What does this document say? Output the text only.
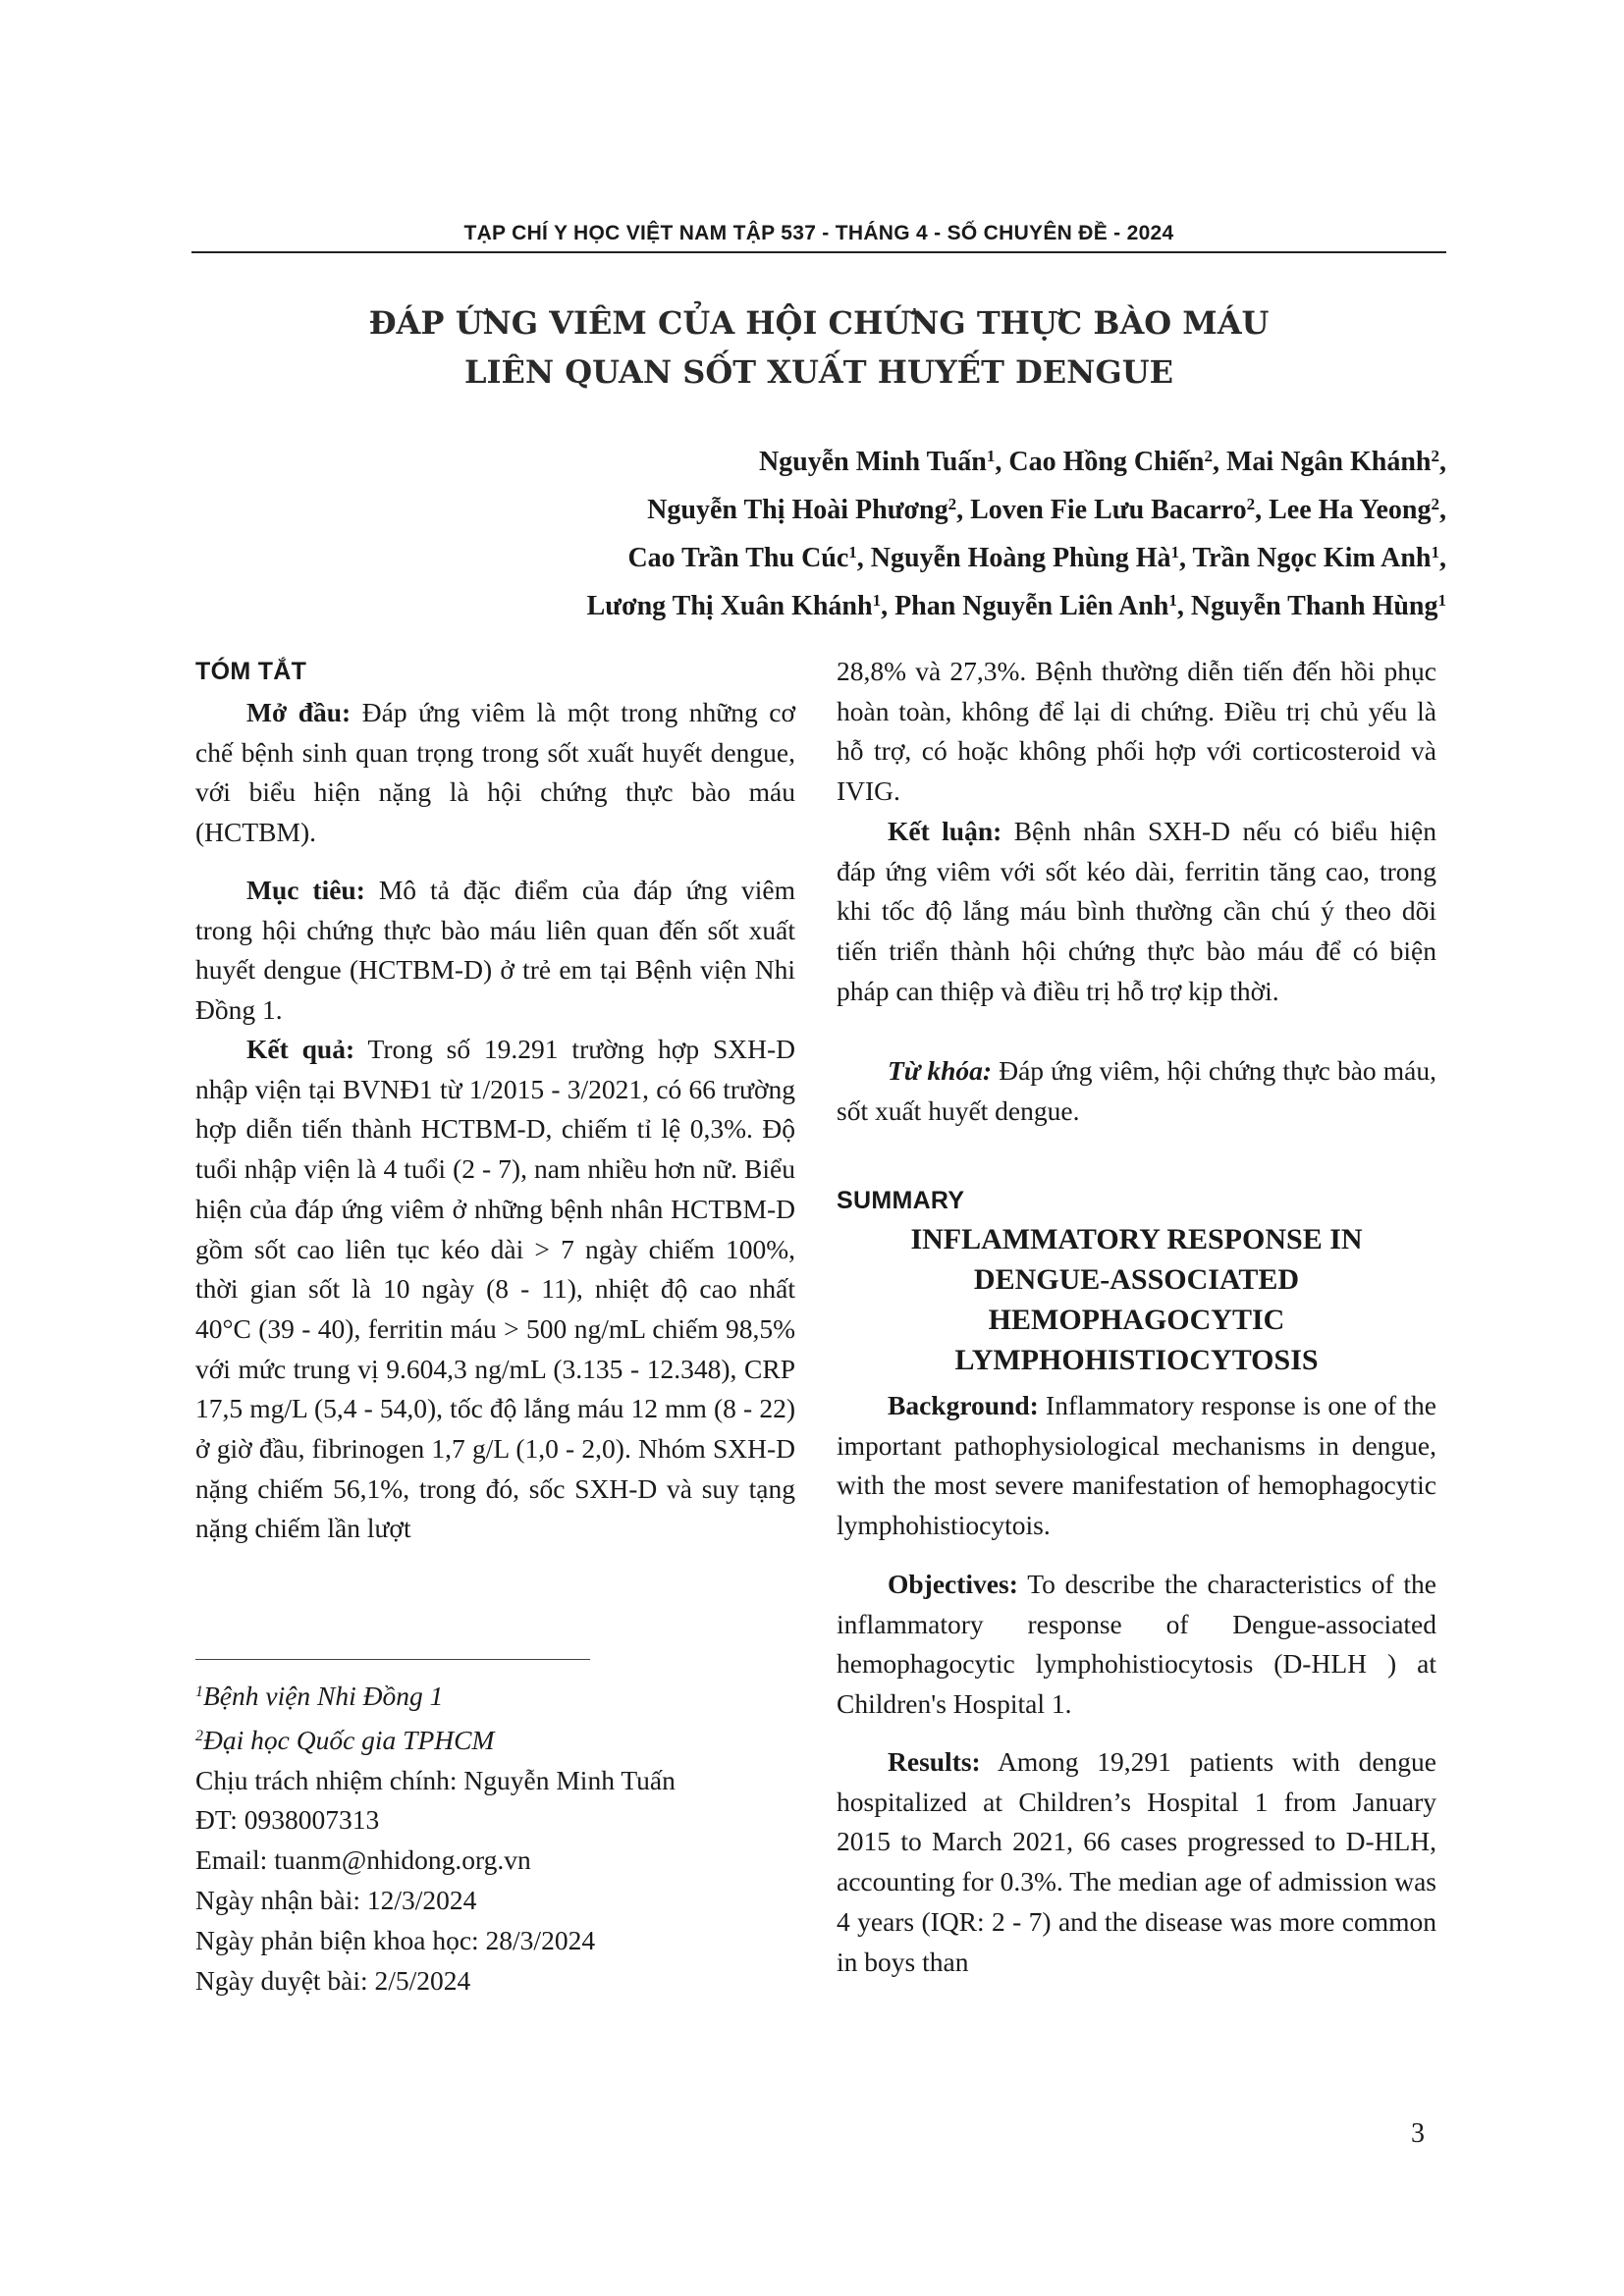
TẠP CHÍ Y HỌC VIỆT NAM TẬP 537 - THÁNG 4 - SỐ CHUYÊN ĐỀ - 2024
ĐÁP ỨNG VIÊM CỦA HỘI CHỨNG THỰC BÀO MÁU
LIÊN QUAN SỐT XUẤT HUYẾT DENGUE
Nguyễn Minh Tuấn$^1$, Cao Hồng Chiến$^2$, Mai Ngân Khánh$^2$,
Nguyễn Thị Hoài Phương$^2$, Loven Fie Lưu Bacarro$^2$, Lee Ha Yeong$^2$,
Cao Trần Thu Cúc$^1$, Nguyễn Hoàng Phùng $Hà^1$, Trần Ngọc Kim Anh$^1$,
Lương Thị Xuân Khánh$^1$, Phan Nguyễn Liên Anh$^1$, Nguyễn Thanh Hùng$^1$
TÓM TẮT

Mở đầu: Đáp ứng viêm là một trong những cơ chế bệnh sinh quan trọng trong sốt xuất huyết dengue, với biểu hiện nặng là hội chứng thực bào máu (HCTBM).

Mục tiêu: Mô tả đặc điểm của đáp ứng viêm trong hội chứng thực bào máu liên quan đến sốt xuất huyết dengue (HCTBM-D) ở trẻ em tại Bệnh viện Nhi Đồng 1.

Kết quả: Trong số 19.291 trường hợp SXH-D nhập viện tại BVNĐ1 từ 1/2015 - 3/2021, có 66 trường hợp diễn tiến thành HCTBM-D, chiếm tỉ lệ 0,3%. Độ tuổi nhập viện là 4 tuổi (2 - 7), nam nhiều hơn nữ. Biểu hiện của đáp ứng viêm ở những bệnh nhân HCTBM-D gồm sốt cao liên tục kéo dài > 7 ngày chiếm 100%, thời gian sốt là 10 ngày (8 - 11), nhiệt độ cao nhất 40°C (39 - 40), ferritin máu > 500 ng/mL chiếm 98,5% với mức trung vị 9.604,3 ng/mL (3.135 - 12.348), CRP 17,5 mg/L (5,4 - 54,0), tốc độ lắng máu 12 mm (8 - 22) ở giờ đầu, fibrinogen 1,7 g/L (1,0 - 2,0). Nhóm SXH-D nặng chiếm 56,1%, trong đó, sốc SXH-D và suy tạng nặng chiếm lần lượt

$^1$Bệnh viện Nhi Đồng 1
$^2$Đại học Quốc gia TPHCM
Chịu trách nhiệm chính: Nguyễn Minh Tuấn
ĐT: 0938007313
Email: tuanm@nhidong.org.vn
Ngày nhận bài: 12/3/2024
Ngày phản biện khoa học: 28/3/2024
Ngày duyệt bài: 2/5/2024

28,8% và 27,3%. Bệnh thường diễn tiến đến hồi phục hoàn toàn, không để lại di chứng. Điều trị chủ yếu là hỗ trợ, có hoặc không phối hợp với corticosteroid và IVIG.

Kết luận: Bệnh nhân SXH-D nếu có biểu hiện đáp ứng viêm với sốt kéo dài, ferritin tăng cao, trong khi tốc độ lắng máu bình thường cần chú ý theo dõi tiến triển thành hội chứng thực bào máu để có biện pháp can thiệp và điều trị hỗ trợ kịp thời.

Từ khóa: Đáp ứng viêm, hội chứng thực bào máu, sốt xuất huyết dengue.

SUMMARY
INFLAMMATORY RESPONSE IN
DENGUE-ASSOCIATED
HEMOPHAGOCYTIC
LYMPHOHISTIOCYTOSIS

Background: Inflammatory response is one of the important pathophysiological mechanisms in dengue, with the most severe manifestation of hemophagocytic lymphohistiocytois.

Objectives: To describe the characteristics of the inflammatory response of Dengue-associated hemophagocytic lymphohistiocytosis (D-HLH ) at Children's Hospital 1.

Results: Among 19,291 patients with dengue hospitalized at Children’s Hospital 1 from January 2015 to March 2021, 66 cases progressed to D-HLH, accounting for 0.3%. The median age of admission was 4 years (IQR: 2 - 7) and the disease was more common in boys than

3
